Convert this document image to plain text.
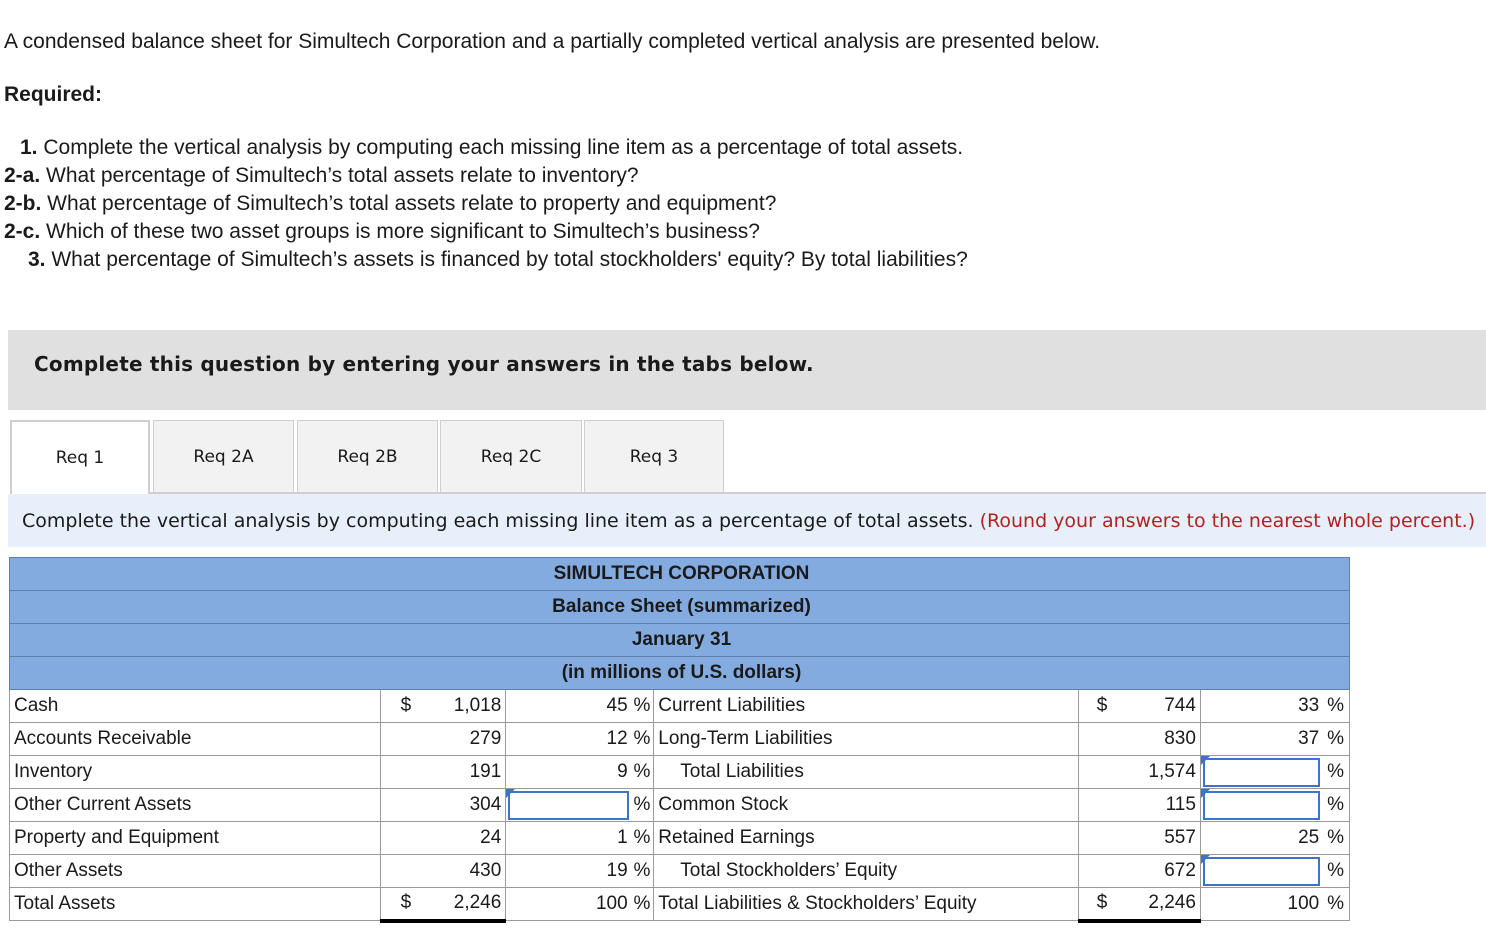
A condensed balance sheet for Simultech Corporation and a partially completed vertical analysis are presented below.
Required:
1. Complete the vertical analysis by computing each missing line item as a percentage of total assets.
2-a. What percentage of Simultech’s total assets relate to inventory?
2-b. What percentage of Simultech’s total assets relate to property and equipment?
2-c. Which of these two asset groups is more significant to Simultech’s business?
3. What percentage of Simultech’s assets is financed by total stockholders' equity? By total liabilities?
Complete this question by entering your answers in the tabs below.
Req 1	Req 2A	Req 2B	Req 2C	Req 3
Complete the vertical analysis by computing each missing line item as a percentage of total assets. (Round your answers to the nearest whole percent.)
SIMULTECH CORPORATION									
Balance Sheet (summarized)									
January 31									
(in millions of U.S. dollars)									
Cash	$	1,018	45	%	Current Liabilities	$	744	33	%
Accounts Receivable		279	12	%	Long-Term Liabilities		830	37	%
Inventory		191	9	%	Total Liabilities		1,574		%
Other Current Assets		304		%	Common Stock		115		%
Property and Equipment		24	1	%	Retained Earnings		557	25	%
Other Assets		430	19	%	Total Stockholders’ Equity		672		%
Total Assets	$	2,246	100	%	Total Liabilities & Stockholders’ Equity	$	2,246	100	%
